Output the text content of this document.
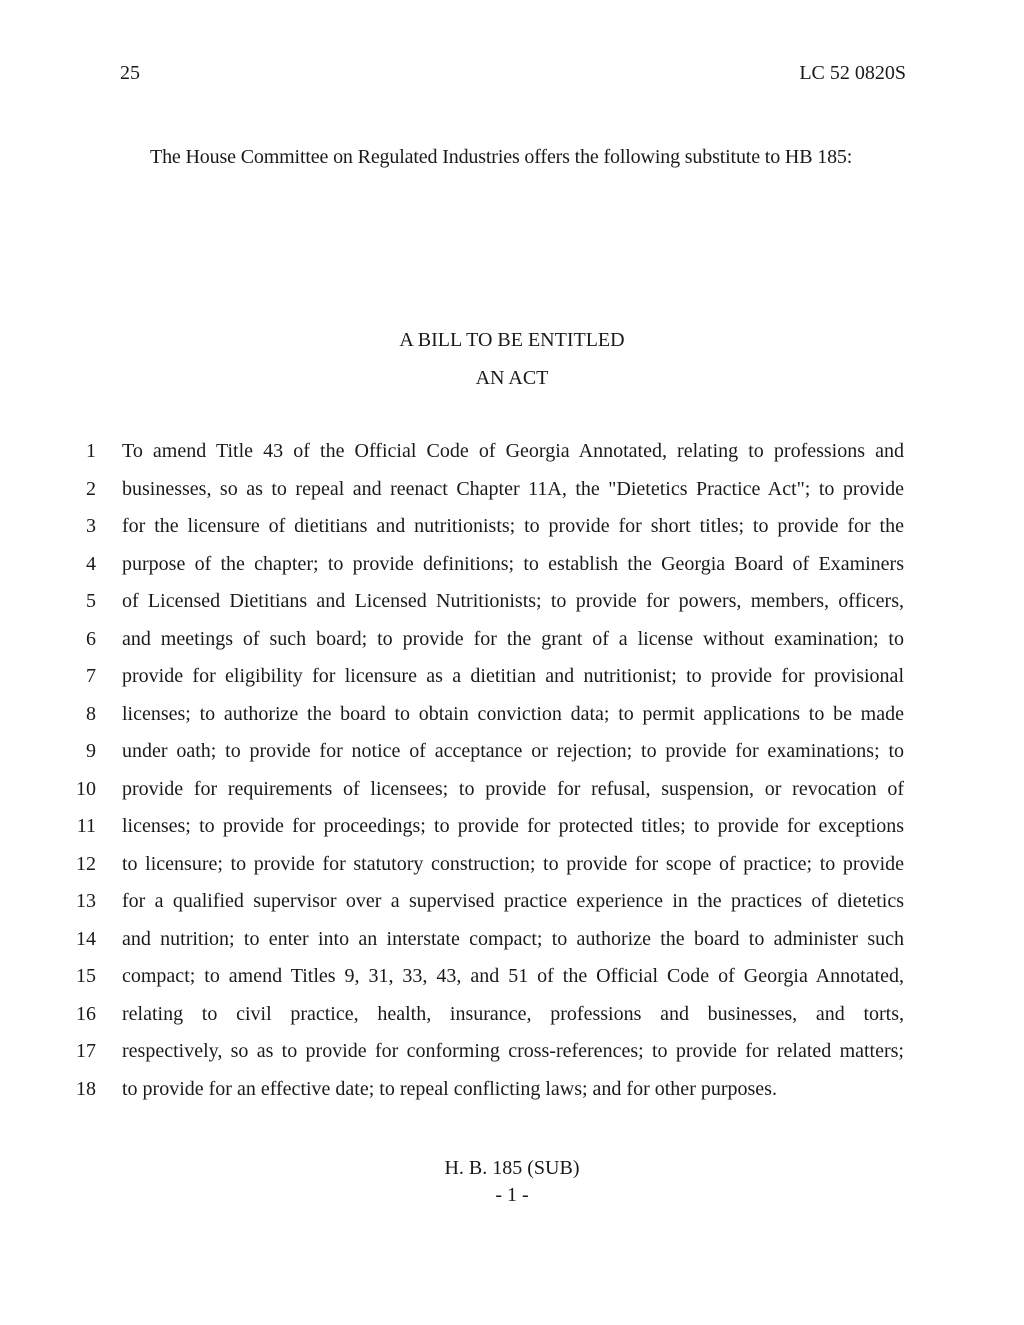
25	LC 52 0820S
The House Committee on Regulated Industries offers the following substitute to HB 185:
A BILL TO BE ENTITLED
AN ACT
1 To amend Title 43 of the Official Code of Georgia Annotated, relating to professions and
2 businesses, so as to repeal and reenact Chapter 11A, the "Dietetics Practice Act"; to provide
3 for the licensure of dietitians and nutritionists; to provide for short titles; to provide for the
4 purpose of the chapter; to provide definitions; to establish the Georgia Board of Examiners
5 of Licensed Dietitians and Licensed Nutritionists; to provide for powers, members, officers,
6 and meetings of such board; to provide for the grant of a license without examination; to
7 provide for eligibility for licensure as a dietitian and nutritionist; to provide for provisional
8 licenses; to authorize the board to obtain conviction data; to permit applications to be made
9 under oath; to provide for notice of acceptance or rejection; to provide for examinations; to
10 provide for requirements of licensees; to provide for refusal, suspension, or revocation of
11 licenses; to provide for proceedings; to provide for protected titles; to provide for exceptions
12 to licensure; to provide for statutory construction; to provide for scope of practice; to provide
13 for a qualified supervisor over a supervised practice experience in the practices of dietetics
14 and nutrition; to enter into an interstate compact; to authorize the board to administer such
15 compact; to amend Titles 9, 31, 33, 43, and 51 of the Official Code of Georgia Annotated,
16 relating to civil practice, health, insurance, professions and businesses, and torts,
17 respectively, so as to provide for conforming cross-references; to provide for related matters;
18 to provide for an effective date; to repeal conflicting laws; and for other purposes.
H. B. 185 (SUB)
- 1 -
